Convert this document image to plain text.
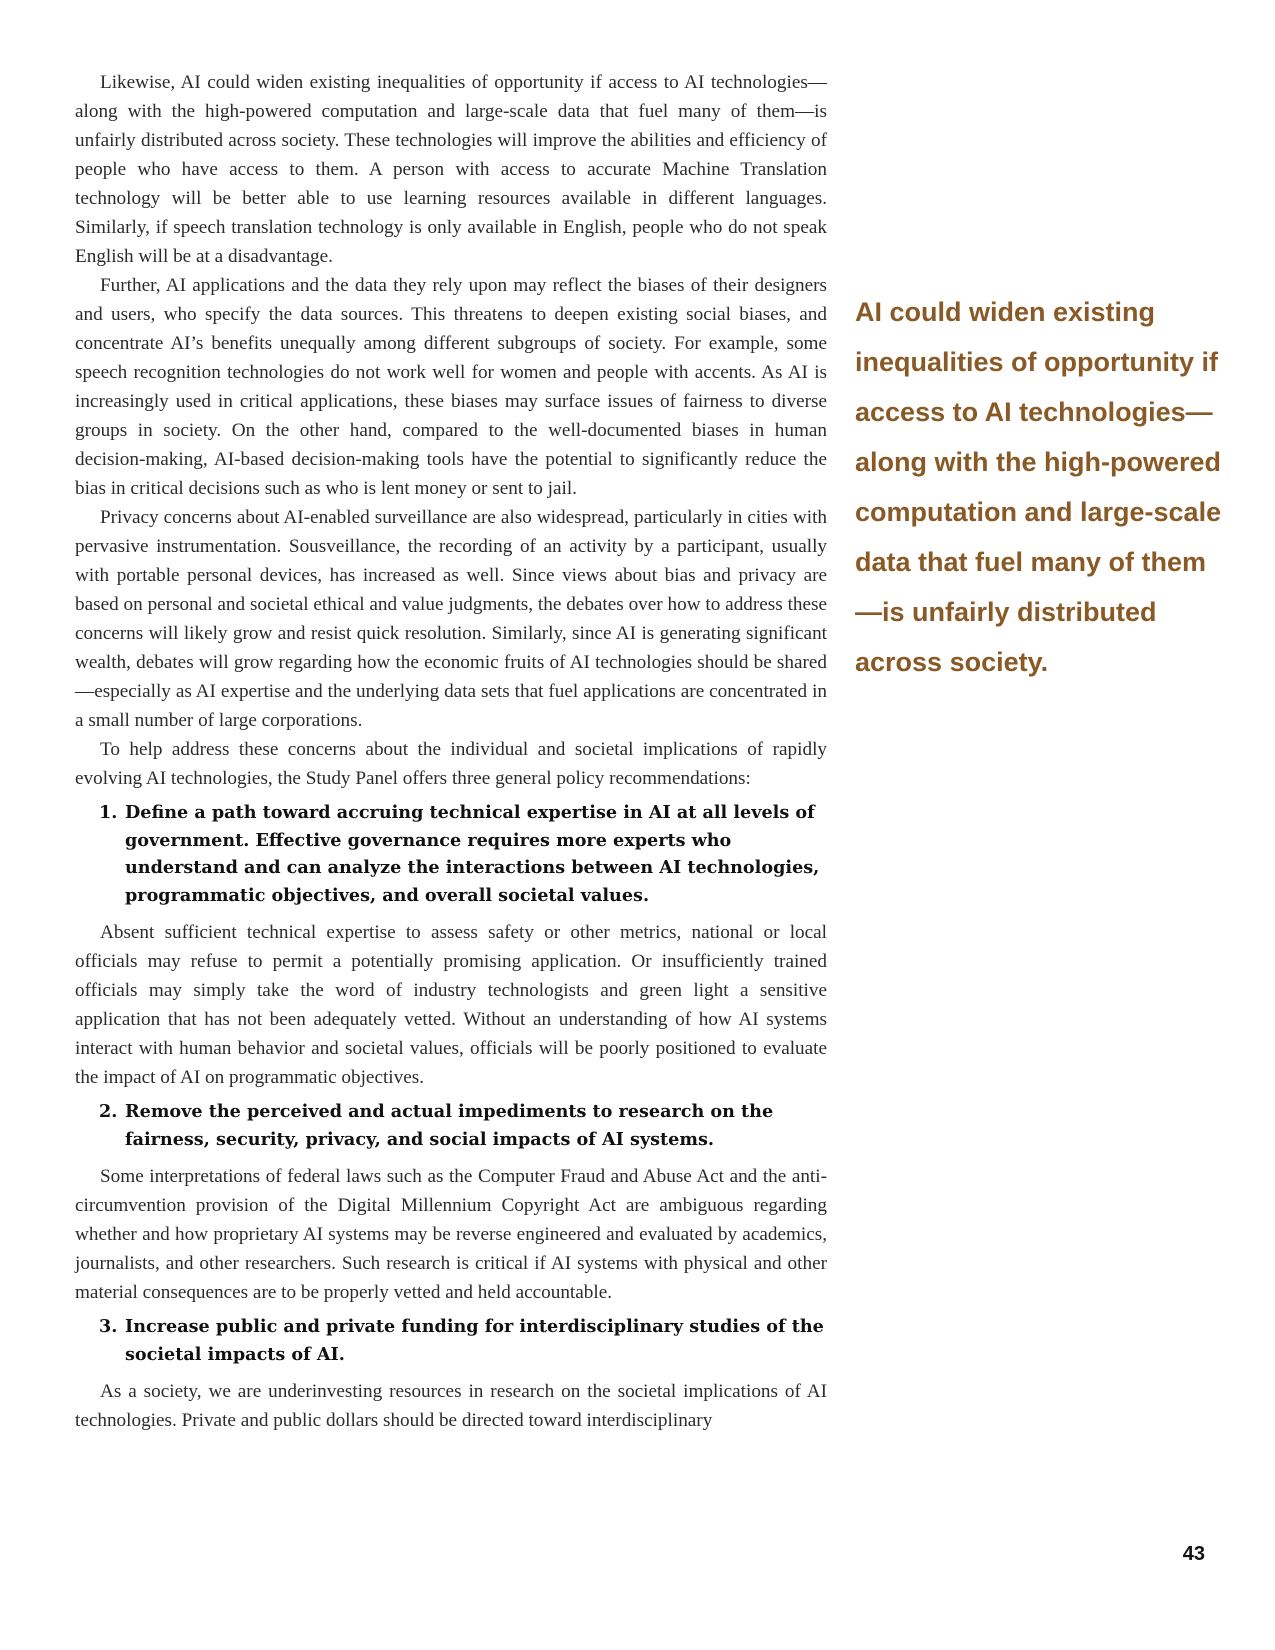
Likewise, AI could widen existing inequalities of opportunity if access to AI technologies—along with the high-powered computation and large-scale data that fuel many of them—is unfairly distributed across society. These technologies will improve the abilities and efficiency of people who have access to them. A person with access to accurate Machine Translation technology will be better able to use learning resources available in different languages. Similarly, if speech translation technology is only available in English, people who do not speak English will be at a disadvantage.

Further, AI applications and the data they rely upon may reflect the biases of their designers and users, who specify the data sources. This threatens to deepen existing social biases, and concentrate AI’s benefits unequally among different subgroups of society. For example, some speech recognition technologies do not work well for women and people with accents. As AI is increasingly used in critical applications, these biases may surface issues of fairness to diverse groups in society. On the other hand, compared to the well-documented biases in human decision-making, AI-based decision-making tools have the potential to significantly reduce the bias in critical decisions such as who is lent money or sent to jail.

Privacy concerns about AI-enabled surveillance are also widespread, particularly in cities with pervasive instrumentation. Sousveillance, the recording of an activity by a participant, usually with portable personal devices, has increased as well. Since views about bias and privacy are based on personal and societal ethical and value judgments, the debates over how to address these concerns will likely grow and resist quick resolution. Similarly, since AI is generating significant wealth, debates will grow regarding how the economic fruits of AI technologies should be shared—especially as AI expertise and the underlying data sets that fuel applications are concentrated in a small number of large corporations.

To help address these concerns about the individual and societal implications of rapidly evolving AI technologies, the Study Panel offers three general policy recommendations:

1. Define a path toward accruing technical expertise in AI at all levels of government. Effective governance requires more experts who understand and can analyze the interactions between AI technologies, programmatic objectives, and overall societal values.

Absent sufficient technical expertise to assess safety or other metrics, national or local officials may refuse to permit a potentially promising application. Or insufficiently trained officials may simply take the word of industry technologists and green light a sensitive application that has not been adequately vetted. Without an understanding of how AI systems interact with human behavior and societal values, officials will be poorly positioned to evaluate the impact of AI on programmatic objectives.

2. Remove the perceived and actual impediments to research on the fairness, security, privacy, and social impacts of AI systems.

Some interpretations of federal laws such as the Computer Fraud and Abuse Act and the anti-circumvention provision of the Digital Millennium Copyright Act are ambiguous regarding whether and how proprietary AI systems may be reverse engineered and evaluated by academics, journalists, and other researchers. Such research is critical if AI systems with physical and other material consequences are to be properly vetted and held accountable.

3. Increase public and private funding for interdisciplinary studies of the societal impacts of AI.

As a society, we are underinvesting resources in research on the societal implications of AI technologies. Private and public dollars should be directed toward interdisciplinary

AI could widen existing inequalities of opportunity if access to AI technologies—along with the high-powered computation and large-scale data that fuel many of them—is unfairly distributed across society.

43
